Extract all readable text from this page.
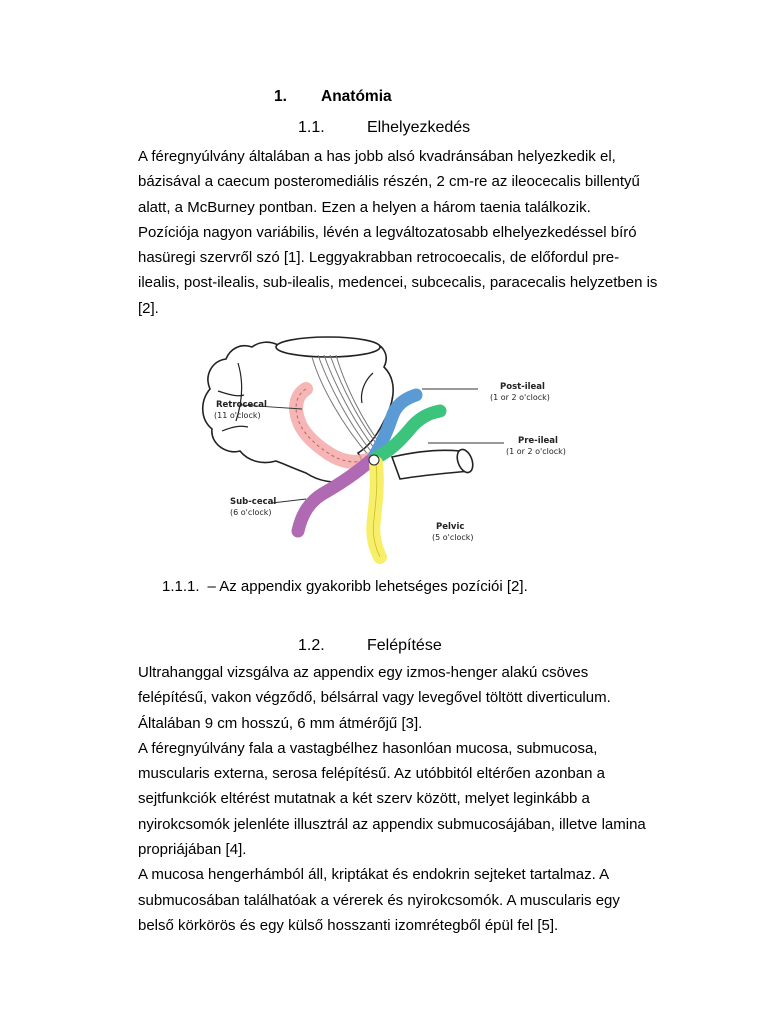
1. Anatómia
1.1.	Elhelyezkedés
A féregnyúlvány általában a has jobb alsó kvadránsában helyezkedik el,
bázisával a caecum posteromediális részén, 2 cm-re az ileocecalis billentyű
alatt, a McBurney pontban. Ezen a helyen a három taenia találkozik.
Pozíciója nagyon variábilis, lévén a legváltozatosabb elhelyezkedéssel bíró
hasüregi szervről szó [1]. Leggyakrabban retrocoecalis, de előfordul pre-
ilealis, post-ilealis, sub-ilealis, medencei, subcecalis, paracecalis helyzetben is
[2].
Retrocecal
(11 o'clock)
Post-ileal
(1 or 2 o'clock)
Pre-ileal
(1 or 2 o'clock)
Sub-cecal
(6 o'clock)
Pelvic
(5 o'clock)
1.1.1. – Az appendix gyakoribb lehetséges pozíciói [2].
1.2.	Felépítése
Ultrahanggal vizsgálva az appendix egy izmos-henger alakú csöves
felépítésű, vakon végződő, bélsárral vagy levegővel töltött diverticulum.
Általában 9 cm hosszú, 6 mm átmérőjű [3].
A féregnyúlvány fala a vastagbélhez hasonlóan mucosa, submucosa,
muscularis externa, serosa felépítésű. Az utóbbitól eltérően azonban a
sejtfunkciók eltérést mutatnak a két szerv között, melyet leginkább a
nyirokcsomók jelenléte illusztrál az appendix submucosájában, illetve lamina
propriájában [4].
A mucosa hengerhámból áll, kriptákat és endokrin sejteket tartalmaz. A
submucosában találhatóak a vérerek és nyirokcsomók. A muscularis egy
belső körkörös és egy külső hosszanti izomrétegből épül fel [5].
